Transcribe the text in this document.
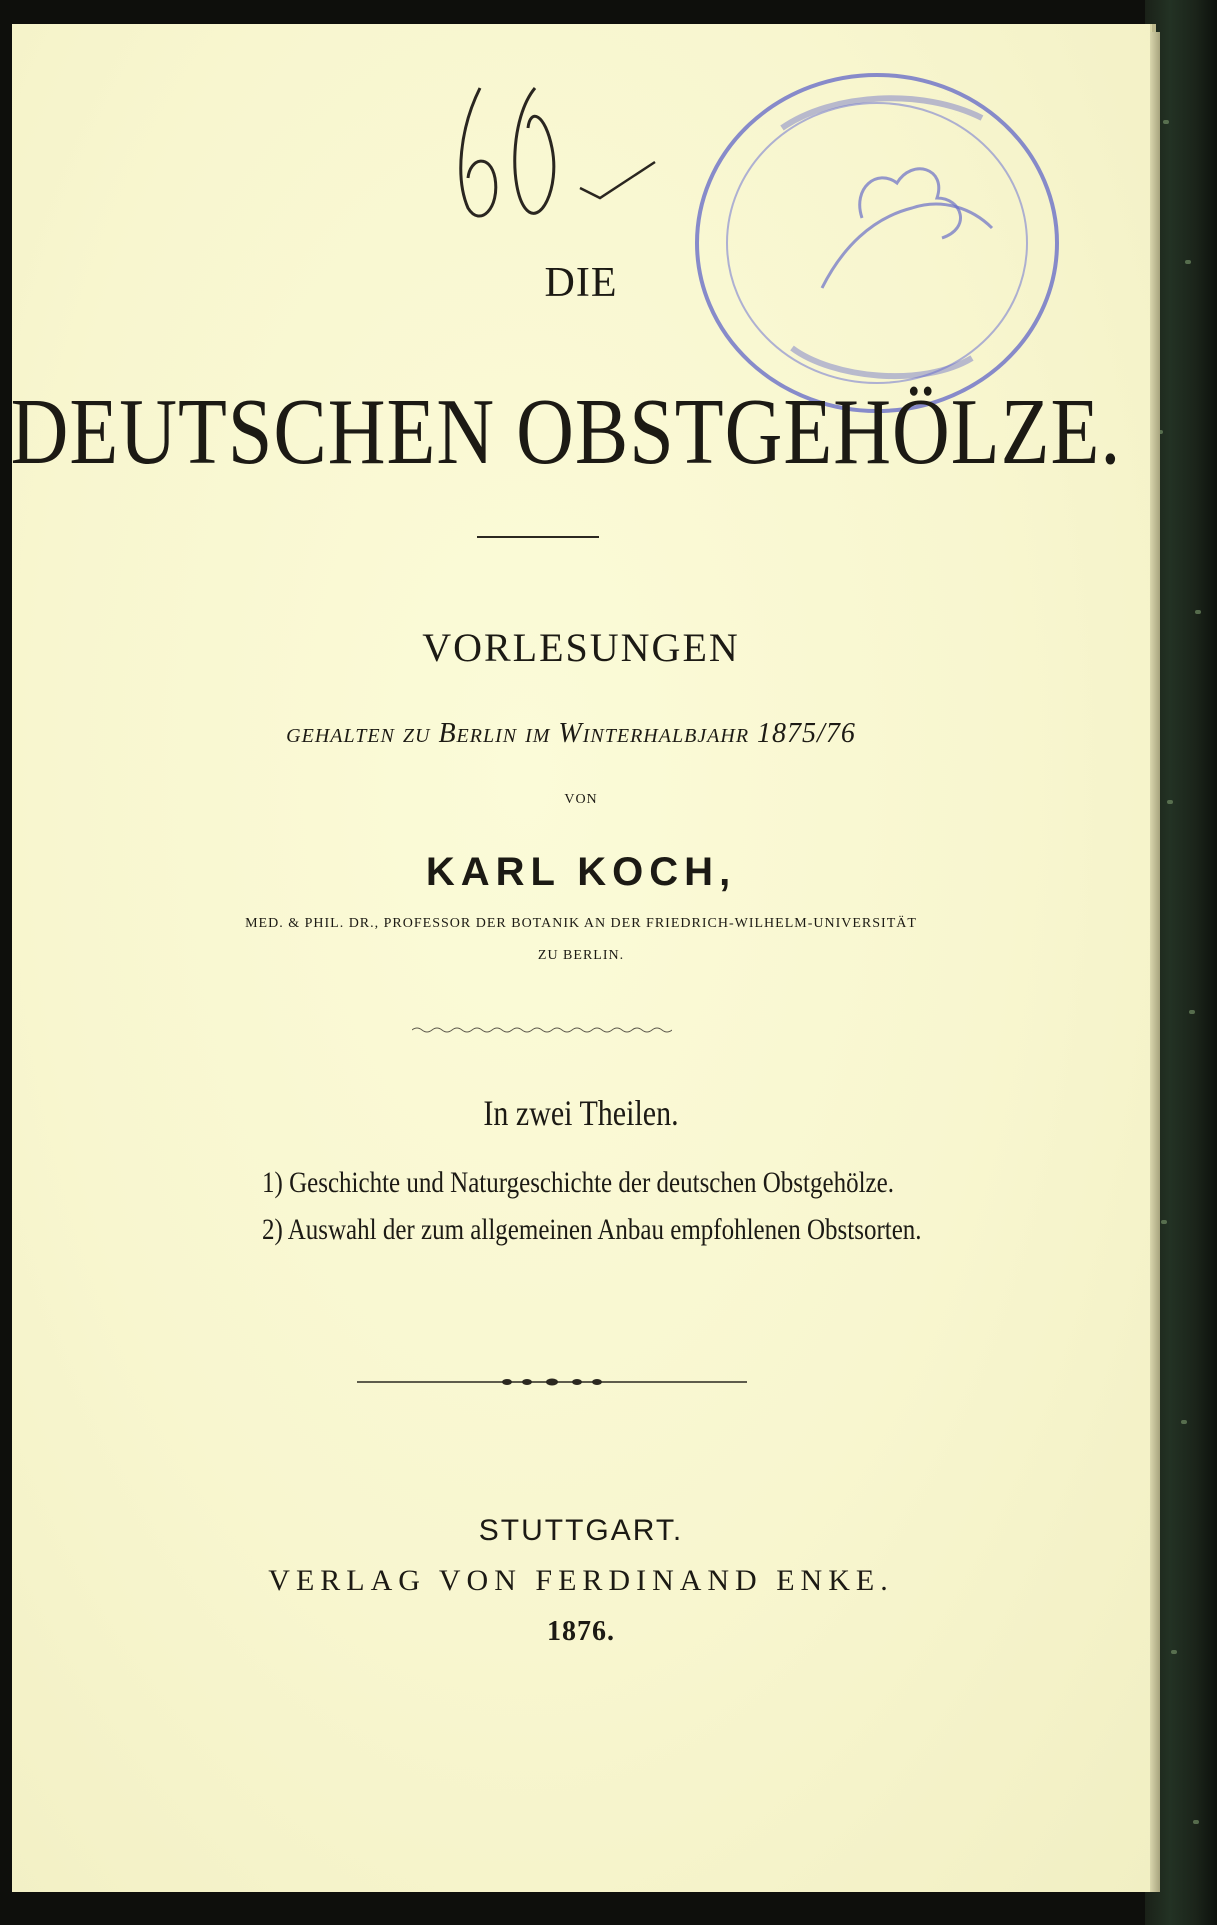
DIE
DEUTSCHEN OBSTGEHÖLZE.
VORLESUNGEN
gehalten zu Berlin im Winterhalbjahr 1875/76
VON
KARL KOCH,
MED. & PHIL. DR., PROFESSOR DER BOTANIK AN DER FRIEDRICH-WILHELM-UNIVERSITÄT
ZU BERLIN.
In zwei Theilen.
1) Geschichte und Naturgeschichte der deutschen Obstgehölze.
2) Auswahl der zum allgemeinen Anbau empfohlenen Obstsorten.
STUTTGART.
VERLAG VON FERDINAND ENKE.
1876.
